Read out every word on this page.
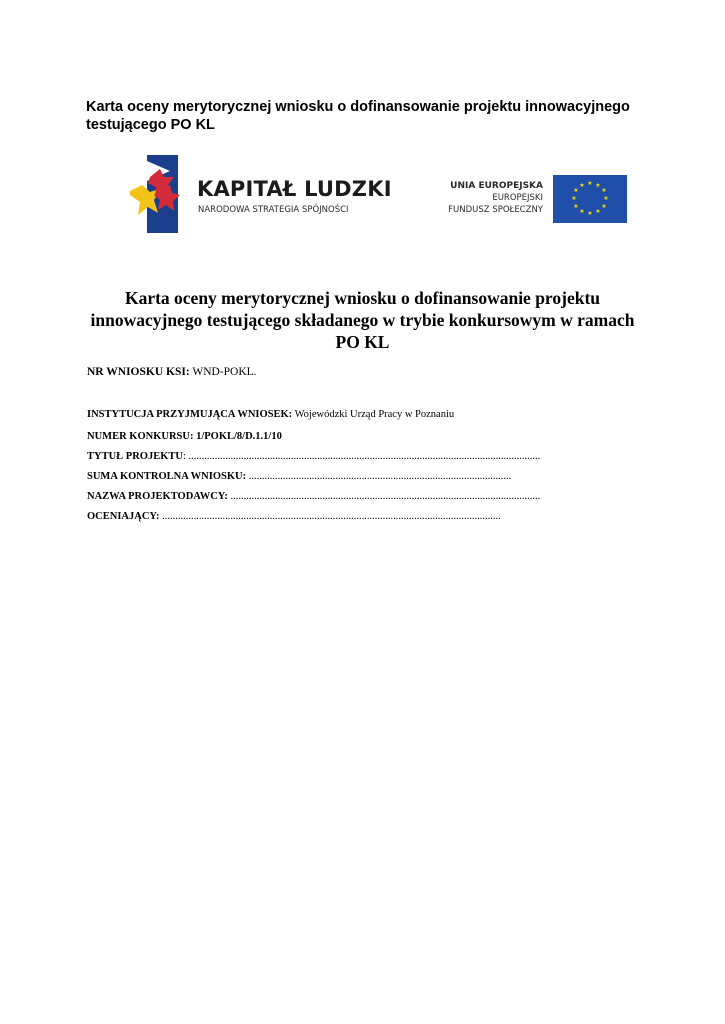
Karta oceny merytorycznej wniosku o dofinansowanie projektu innowacyjnego
testującego PO KL
KAPITAŁ LUDZKI
NARODOWA STRATEGIA SPÓJNOŚCI
UNIA EUROPEJSKA
EUROPEJSKI
FUNDUSZ SPOŁECZNY
★ ★
★
★
★
★
★
★
★
★
★
★
Karta oceny merytorycznej wniosku o dofinansowanie projektu
innowacyjnego testującego składanego w trybie konkursowym w ramach
PO KL
NR WNIOSKU KSI: WND-POKL.
INSTYTUCJA PRZYJMUJĄCA WNIOSEK: Wojewódzki Urząd Pracy w Poznaniu
NUMER KONKURSU: 1/POKL/8/D.1.1/10
TYTUŁ PROJEKTU: ......................................................................................................................................
SUMA KONTROLNA WNIOSKU: ....................................................................................................
NAZWA PROJEKTODAWCY: ......................................................................................................................
OCENIAJĄCY: .................................................................................................................................
